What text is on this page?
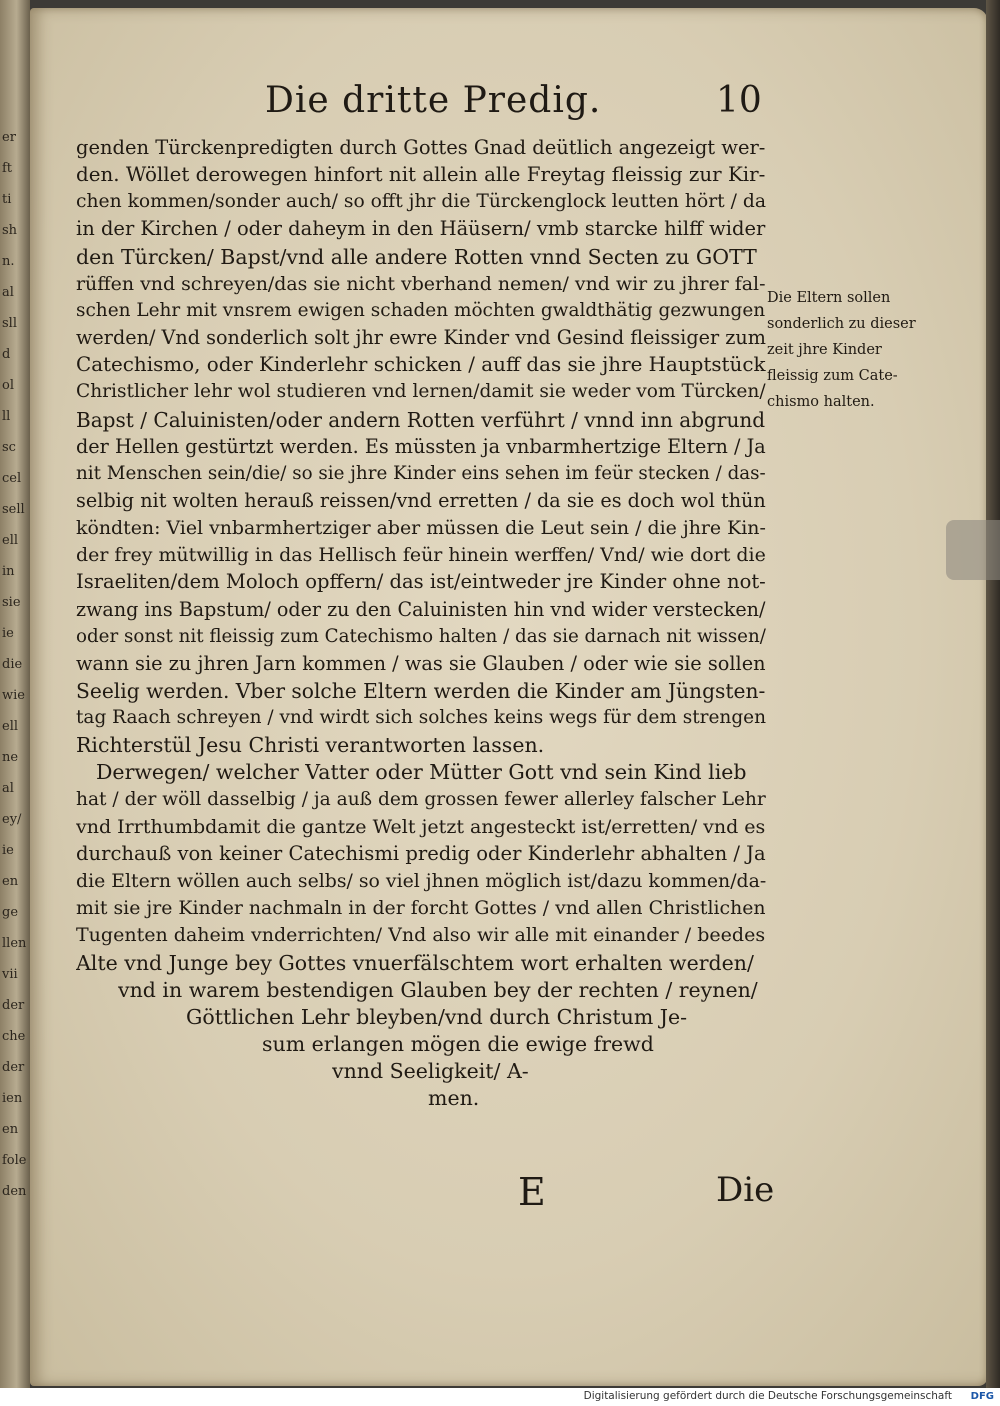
er
ft
ti
sh
n.
al
sll
d
ol
ll
sc
cel
sell
ell
in
sie
ie
die
wie
ell
ne
al
ey/
ie
en
ge
llen
vii
der
che
der
ien
en
fole
den
Die dritte Predig.	10
genden Türckenpredigten durch Gottes Gnad deütlich angezeigt wer-
den. Wöllet derowegen hinfort nit allein alle Freytag fleissig zur Kir-
chen kommen/sonder auch/ so offt jhr die Türckenglock leutten hört / da
in der Kirchen / oder daheym in den Häüsern/ vmb starcke hilff wider
den Türcken/ Bapst/vnd alle andere Rotten vnnd Secten zu GOTT
rüffen vnd schreyen/das sie nicht vberhand nemen/ vnd wir zu jhrer fal-
schen Lehr mit vnsrem ewigen schaden möchten gwaldthätig gezwungen
werden/ Vnd sonderlich solt jhr ewre Kinder vnd Gesind fleissiger zum
Catechismo, oder Kinderlehr schicken / auff das sie jhre Hauptstück
Christlicher lehr wol studieren vnd lernen/damit sie weder vom Türcken/
Bapst / Caluinisten/oder andern Rotten verführt / vnnd inn abgrund
der Hellen gestürtzt werden. Es müssten ja vnbarmhertzige Eltern / Ja
nit Menschen sein/die/ so sie jhre Kinder eins sehen im feür stecken / das-
selbig nit wolten herauß reissen/vnd erretten / da sie es doch wol thün
köndten: Viel vnbarmhertziger aber müssen die Leut sein / die jhre Kin-
der frey mütwillig in das Hellisch feür hinein werffen/ Vnd/ wie dort die
Israeliten/dem Moloch opffern/ das ist/eintweder jre Kinder ohne not-
zwang ins Bapstum/ oder zu den Caluinisten hin vnd wider verstecken/
oder sonst nit fleissig zum Catechismo halten / das sie darnach nit wissen/
wann sie zu jhren Jarn kommen / was sie Glauben / oder wie sie sollen
Seelig werden. Vber solche Eltern werden die Kinder am Jüngsten-
tag Raach schreyen / vnd wirdt sich solches keins wegs für dem strengen
Richterstül Jesu Christi verantworten lassen.
Derwegen/ welcher Vatter oder Mütter Gott vnd sein Kind lieb
hat / der wöll dasselbig / ja auß dem grossen fewer allerley falscher Lehr
vnd Irrthumbdamit die gantze Welt jetzt angesteckt ist/erretten/ vnd es
durchauß von keiner Catechismi predig oder Kinderlehr abhalten / Ja
die Eltern wöllen auch selbs/ so viel jhnen möglich ist/dazu kommen/da-
mit sie jre Kinder nachmaln in der forcht Gottes / vnd allen Christlichen
Tugenten daheim vnderrichten/ Vnd also wir alle mit einander / beedes
Alte vnd Junge bey Gottes vnuerfälschtem wort erhalten werden/
vnd in warem bestendigen Glauben bey der rechten / reynen/
Göttlichen Lehr bleyben/vnd durch Christum Je-
sum erlangen mögen die ewige frewd
vnnd Seeligkeit/ A-
men.
Die Eltern sollen
sonderlich zu dieser
zeit jhre Kinder
fleissig zum Cate-
chismo halten.
E	Die
Digitalisierung gefördert durch die Deutsche Forschungsgemeinschaft DFG
